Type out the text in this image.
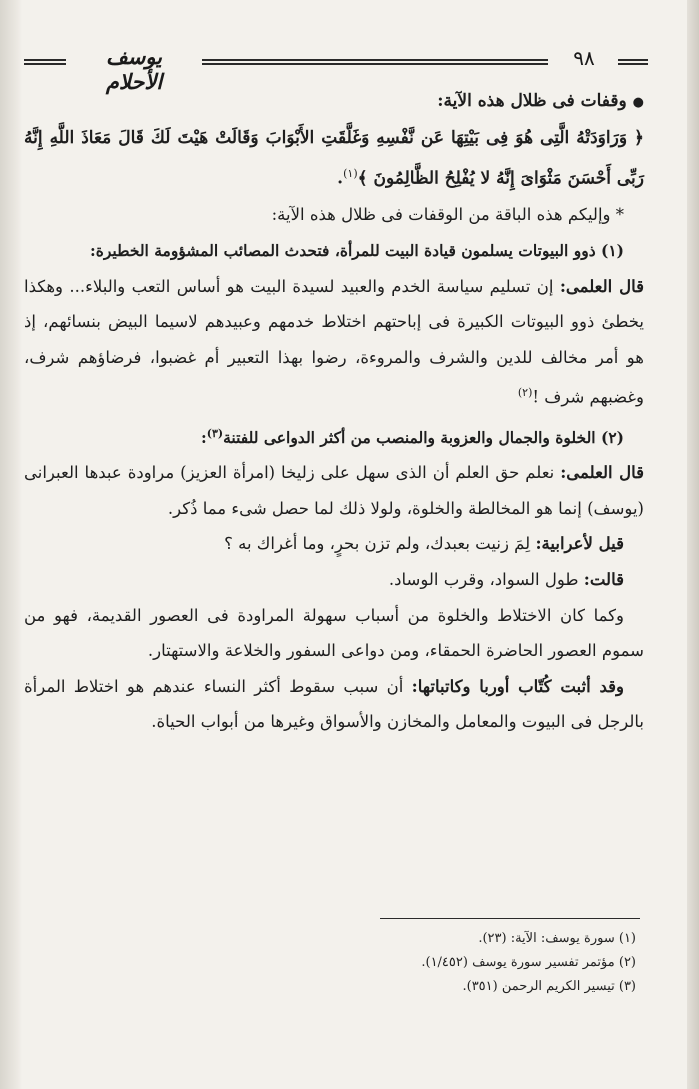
يوسف الأحلام
٩٨

● وقفات فى ظلال هذه الآية:

﴿ وَرَاوَدَتْهُ الَّتِى هُوَ فِى بَيْتِهَا عَن نَّفْسِهِ وَغَلَّقَتِ الأَبْوَابَ وَقَالَتْ هَيْتَ لَكَ قَالَ مَعَاذَ اللَّهِ إِنَّهُ رَبِّى أَحْسَنَ مَثْوَاىَ إِنَّهُ لا يُفْلِحُ الظَّالِمُونَ ﴾$^{(١)}$.

* وإليكم هذه الباقة من الوقفات فى ظلال هذه الآية:

(١) ذوو البيوتات يسلمون قيادة البيت للمرأة، فتحدث المصائب المشؤومة الخطيرة:

قال العلمى: إن تسليم سياسة الخدم والعبيد لسيدة البيت هو أساس التعب والبلاء... وهكذا يخطئ ذوو البيوتات الكبيرة فى إباحتهم اختلاط خدمهم وعبيدهم لاسيما البيض بنسائهم، إذ هو أمر مخالف للدين والشرف والمروءة، رضوا بهذا التعبير أم غضبوا، فرضاؤهم شرف، وغضبهم شرف !$^{(٢)}$

(٢) الخلوة والجمال والعزوبة والمنصب من أكثر الدواعى للفتنة$^{(٣)}$:

قال العلمى: نعلم حق العلم أن الذى سهل على زليخا (امرأة العزيز) مراودة عبدها العبرانى (يوسف) إنما هو المخالطة والخلوة، ولولا ذلك لما حصل شىء مما ذُكر.

قيل لأعرابية: لِمَ زنيت بعبدك، ولم تزن بحرٍ، وما أغراك به ؟

قالت: طول السواد، وقرب الوساد.

وكما كان الاختلاط والخلوة من أسباب سهولة المراودة فى العصور القديمة، فهو من سموم العصور الحاضرة الحمقاء، ومن دواعى السفور والخلاعة والاستهتار.

وقد أثبت كُتّاب أوربا وكاتباتها: أن سبب سقوط أكثر النساء عندهم هو اختلاط المرأة بالرجل فى البيوت والمعامل والمخازن والأسواق وغيرها من أبواب الحياة.

(١) سورة يوسف: الآية: (٢٣).

(٢) مؤتمر تفسير سورة يوسف (١/٤٥٢).

(٣) تيسير الكريم الرحمن (٣٥١).
